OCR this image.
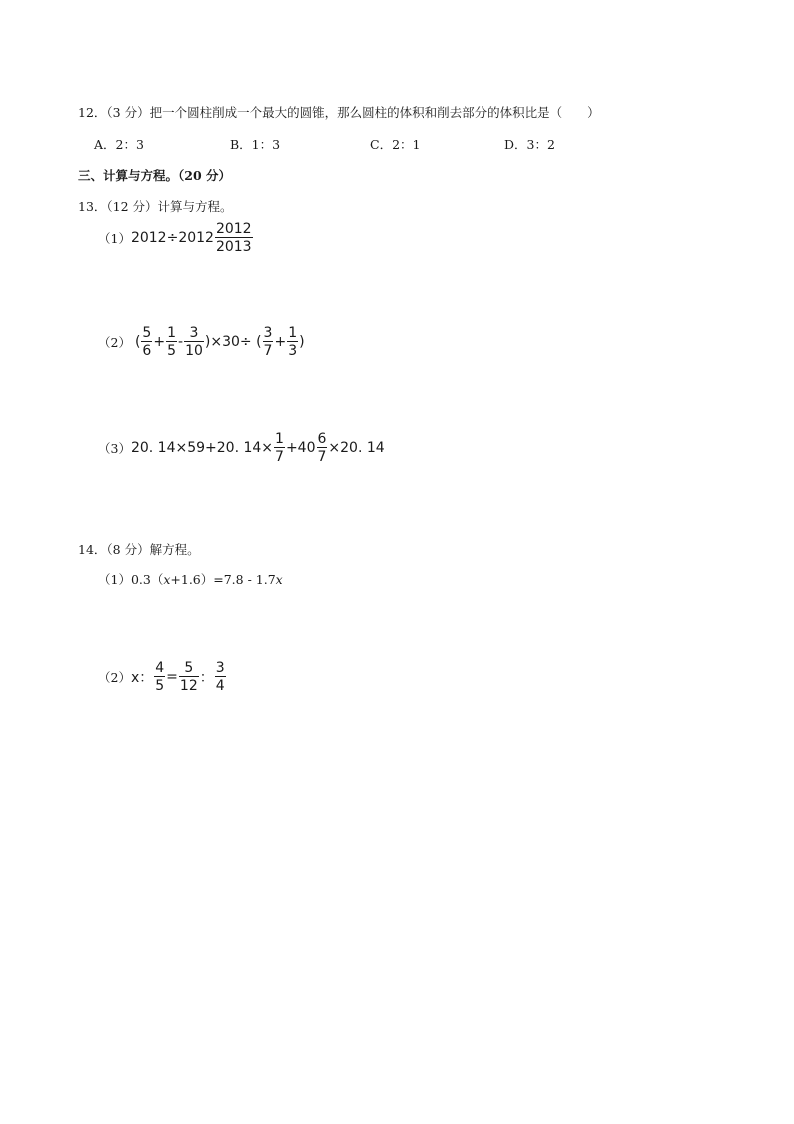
12．（3 分）把一个圆柱削成一个最大的圆锥，那么圆柱的体积和削去部分的体积比是（　　）
A．2：3	B．1：3	C．2：1	D．3：2
三、计算与方程。（20 分）
13．（12 分）计算与方程。
（1） $2012\div 2012 \frac{2012}{2013}$
（2） ( $\frac{5}{6} + \frac{1}{5} - \frac{3}{10} )\times 30\div$ ( $\frac{3}{7} + \frac{1}{3}$ )
（3） 20. 14×59+20. $14\times \frac{1}{7} +40 \frac{6}{7} \times 20$. 14
14．（8 分）解方程。
（1） 0.3（ x +1.6）=7.8 - 1.7 x
（2） x： $\frac{4}{5} = \frac{5}{12}$ ： $\frac{3}{4}$
